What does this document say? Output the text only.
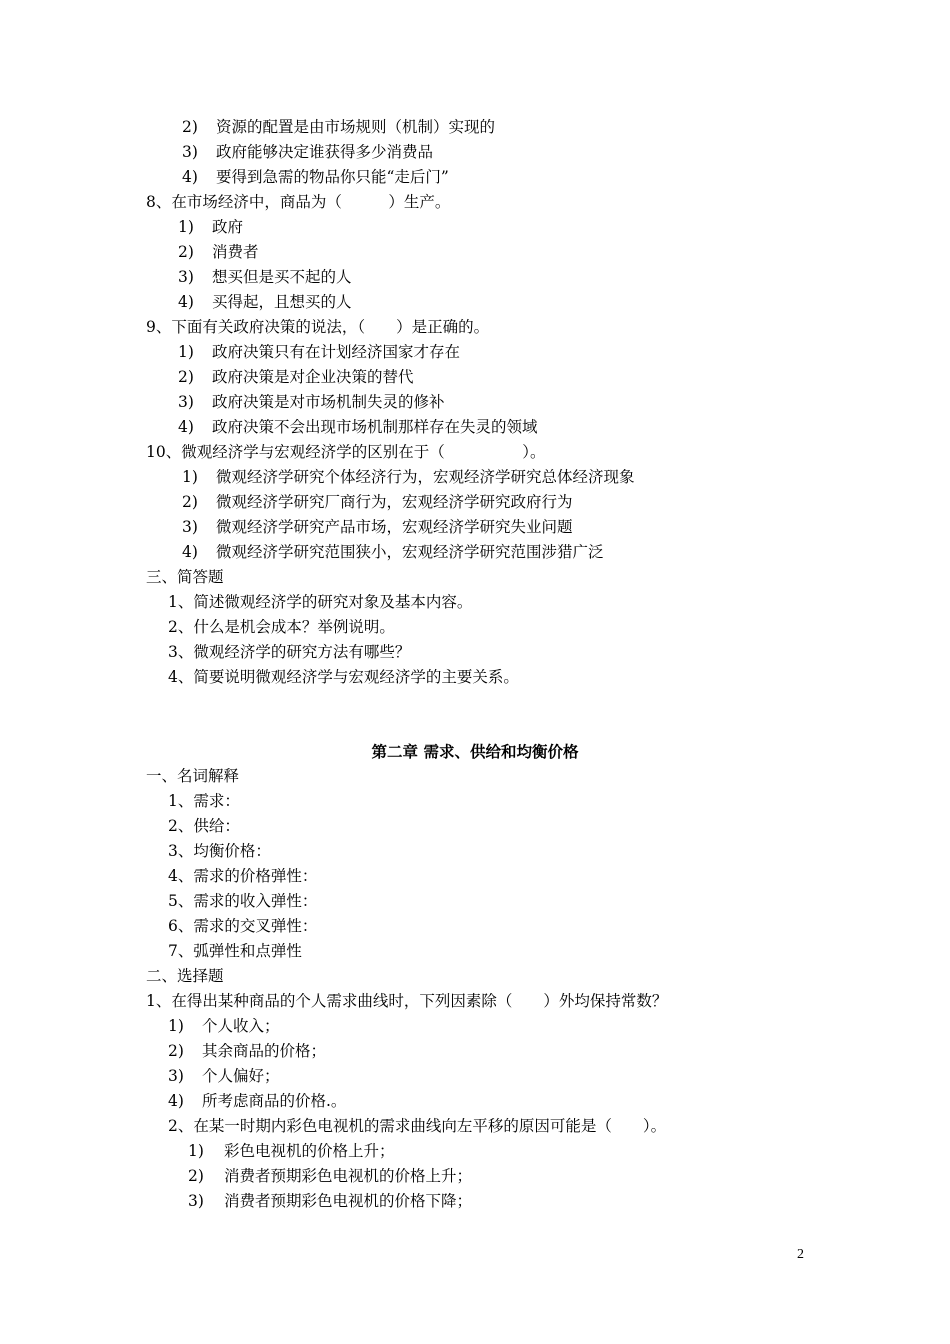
2) 资源的配置是由市场规则（机制）实现的
3) 政府能够决定谁获得多少消费品
4) 要得到急需的物品你只能“走后门”
8、在市场经济中，商品为（　　　）生产。
1) 政府
2) 消费者
3) 想买但是买不起的人
4) 买得起，且想买的人
9、下面有关政府决策的说法，（　　）是正确的。
1) 政府决策只有在计划经济国家才存在
2) 政府决策是对企业决策的替代
3) 政府决策是对市场机制失灵的修补
4) 政府决策不会出现市场机制那样存在失灵的领域
10、微观经济学与宏观经济学的区别在于（　　　　　）。
1) 微观经济学研究个体经济行为，宏观经济学研究总体经济现象
2) 微观经济学研究厂商行为，宏观经济学研究政府行为
3) 微观经济学研究产品市场，宏观经济学研究失业问题
4) 微观经济学研究范围狭小，宏观经济学研究范围涉猎广泛
三、简答题
1、简述微观经济学的研究对象及基本内容。
2、什么是机会成本？举例说明。
3、微观经济学的研究方法有哪些？
4、简要说明微观经济学与宏观经济学的主要关系。
第二章 需求、供给和均衡价格
一、名词解释
1、需求：
2、供给：
3、均衡价格：
4、需求的价格弹性：
5、需求的收入弹性：
6、需求的交叉弹性：
7、弧弹性和点弹性
二、选择题
1、在得出某种商品的个人需求曲线时，下列因素除（　　）外均保持常数？
1) 个人收入；
2) 其余商品的价格；
3) 个人偏好；
4) 所考虑商品的价格.。
2、在某一时期内彩色电视机的需求曲线向左平移的原因可能是（　　）。
1) 彩色电视机的价格上升；
2) 消费者预期彩色电视机的价格上升；
3) 消费者预期彩色电视机的价格下降；
2
